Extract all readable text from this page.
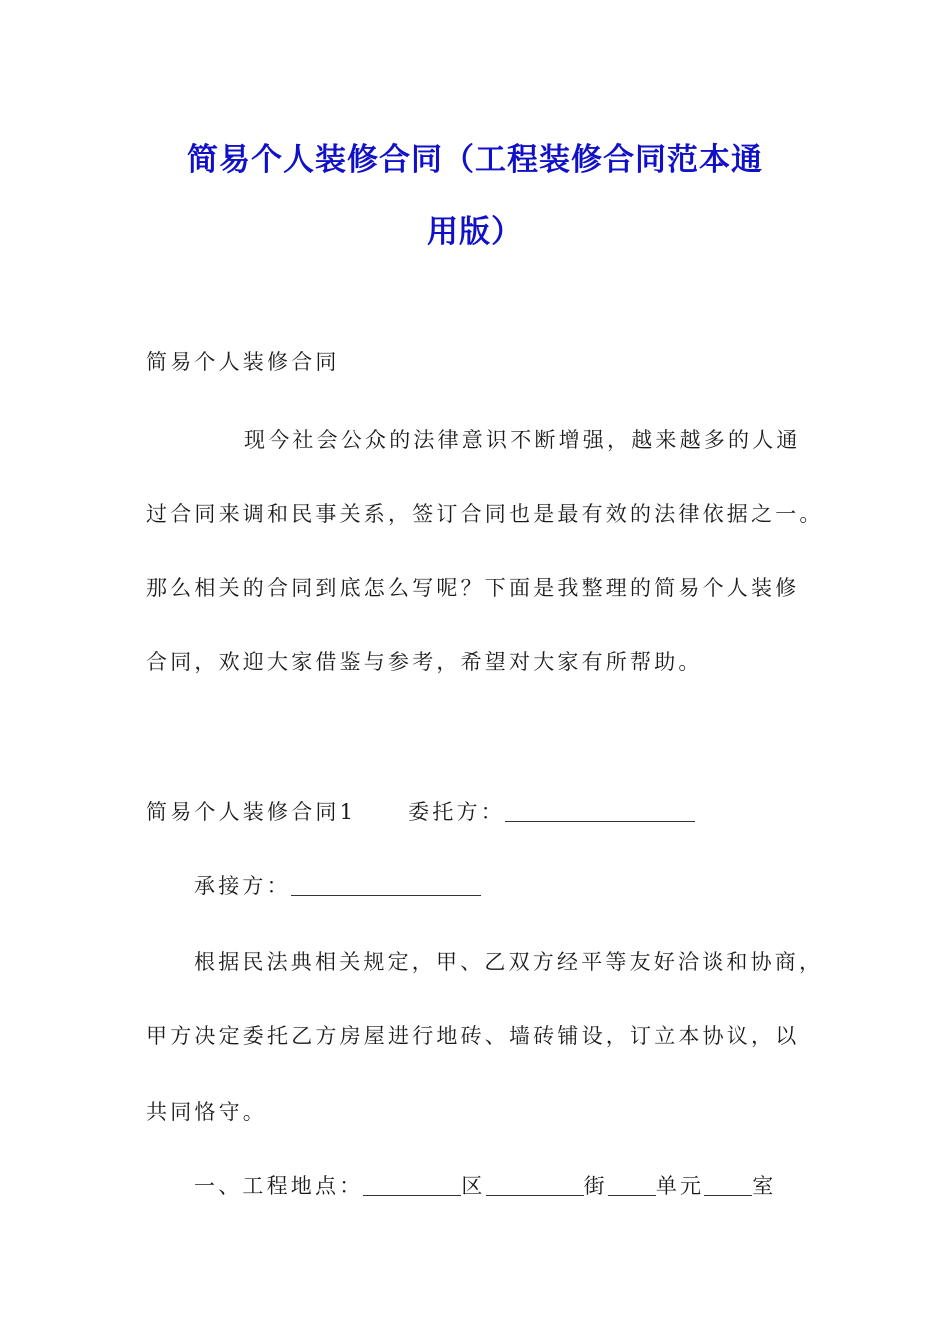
简易个人装修合同（工程装修合同范本通
用版）
简易个人装修合同
现今社会公众的法律意识不断增强，越来越多的人通
过合同来调和民事关系，签订合同也是最有效的法律依据之一。
那么相关的合同到底怎么写呢？下面是我整理的简易个人装修
合同，欢迎大家借鉴与参考，希望对大家有所帮助。
简易个人装修合同1 委托方：
承接方：
根据民法典相关规定，甲、乙双方经平等友好洽谈和协商，
甲方决定委托乙方房屋进行地砖、墙砖铺设，订立本协议，以
共同恪守。
一、工程地点：	区	街 单元 室
